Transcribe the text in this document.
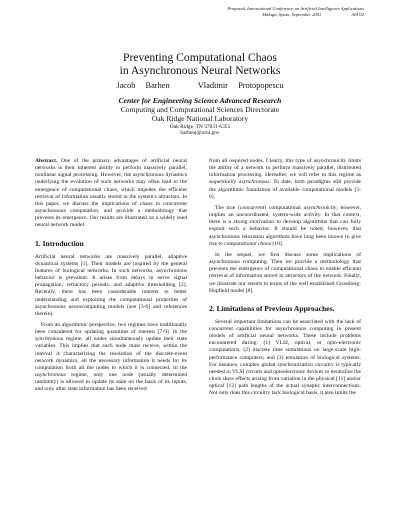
Proposed, International Conference on Artificial Intelligence Applications
Malaga, Spain, September 2001	AIA'02
Preventing Computational Chaos
in Asynchronous Neural Networks
Jacob Barhen	Vladimir Protopopescu
Center for Engineering Science Advanced Research
Computing and Computational Sciences Directorate
Oak Ridge National Laboratory
Oak Ridge, TN 37831-6355
barhenj@ornl.gov

Abstract. One of the primary advantages of artificial neural networks is their inherent ability to perform massively parallel, nonlinear signal processing. However, the asynchronous dynamics underlying the evolution of such networks may often lead to the emergence of computational chaos, which impedes the efficient retrieval of information usually stored in the system's attractors. In this paper, we discuss the implications of chaos in concurrent asynchronous computation, and provide a methodology that prevents its emergence. Our results are illustrated on a widely used neural network model.

1. Introduction

Artificial neural networks are massively parallel, adaptive dynamical systems [1]. Their models are inspired by the general features of biological networks. In such networks, asynchronous behavior is prevalent. It arises from delays in nerve signal propagation, refractory periods, and adaptive thresholding [2]. Recently, there has been considerable interest in better understanding and exploiting the computational properties of asynchronous neurocomputing models (see [3-6] and references therein).

From an algorithmic perspective, two regimes have traditionally been considered for updating quantities of interest [7-9]. In the synchronous regime, all nodes simultaneously update their state variables. This implies that each node must receive, within the interval Δ characterizing the resolution of the discrete-event network dynamics, all the necessary information it needs for its computation from all the nodes to which it is connected. In the asynchronous regime, only one node (usually determined randomly) is allowed to update its state on the basis of its inputs, and only after state information has been received

from all required nodes. Clearly, this type of asynchronicity limits the ability of a network to perform massively parallel, distributed information processing. Hereafter, we will refer to this regime as sequentially asynchronous. To date, both paradigms still provide the algorithmic foundation of available computational models [3-6].

The true (concurrent) computational asynchronicity, however, implies an uncoordinated, system-wide activity. In that context, there is a strong motivation to develop algorithms that can fully exploit such a behavior. It should be noted, however, that asynchronous relaxation algorithms have long been known to give rise to computational chaos [10].

In the sequel, we first discuss some implications of asynchronous computing. Then we provide a methodology that prevents the emergence of computational chaos to enable efficient retrieval of information stored in attractors of the network. Finally, we illustrate our results in terms of the well established Grossberg-Hopfield model [8].

2. Limitations of Previous Approaches.

Several important limitations can be associated with the lack of concurrent capabilities for asynchronous computing in present models of artificial neural networks. These include problems encountered during: (1) VLSI, optical, or opto-electronic computations; (2) discrete time simulations on large-scale high-performance computers; and (3) emulation of biological systems. For instance, complex global synchronization circuitry is typically needed in VLSI circuits and optoelectronic devices to neutralize the clock skew effects arising from variation in the physical [11] and/or optical [12] path lengths of the actual synaptic interconnections. Not only does this circuitry lack biological basis, it also limits the
